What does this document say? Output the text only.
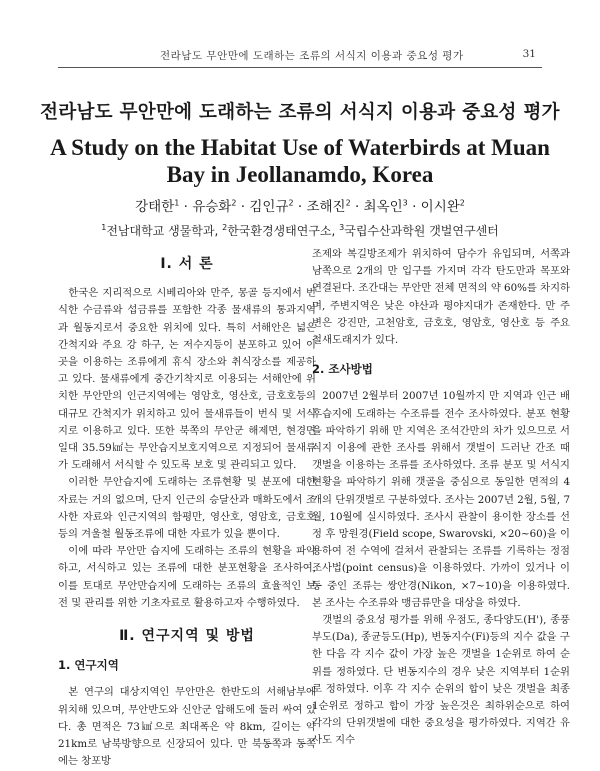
전라남도 무안만에 도래하는 조류의 서식지 이용과 중요성 평가	31
전라남도 무안만에 도래하는 조류의 서식지 이용과 중요성 평가
A Study on the Habitat Use of Waterbirds at Muan Bay in Jeollanamdo, Korea
강태한$^1$ · 유승화$^2$ · 김인규$^2$ · 조해진$^2$ · 최옥인$^3$ · 이시완$^2$
$^1$전남대학교 생물학과, $^2$한국환경생태연구소, $^3$국립수산과학원 갯벌연구센터
Ⅰ. 서 론

한국은 지리적으로 시베리아와 만주, 몽골 등지에서 번식한 수금류와 섭금류를 포함한 각종 물새류의 통과지역과 월동지로서 중요한 위치에 있다. 특히 서해안은 넓은 간척지와 주요 강 하구, 논 저수지등이 분포하고 있어 이곳을 이용하는 조류에게 휴식 장소와 취식장소를 제공하고 있다. 물새류에게 중간기착지로 이용되는 서해안에 위치한 무안만의 인근지역에는 영암호, 영산호, 금호호등의 대규모 간척지가 위치하고 있어 물새류들이 번식 및 서식지로 이용하고 있다. 또한 북쪽의 무안군 해제면, 현경면일대 35.59㎢는 무안습지보호지역으로 지정되어 물새류가 도래해서 서식할 수 있도록 보호 및 관리되고 있다.

이러한 무안습지에 도래하는 조류현황 및 분포에 대한 자료는 거의 없으며, 단지 인근의 승달산과 매화도에서 조사한 자료와 인근지역의 함평만, 영산호, 영암호, 금호호 등의 겨울철 월동조류에 대한 자료가 있을 뿐이다.

이에 따라 무안만 습지에 도래하는 조류의 현황을 파악하고, 서식하고 있는 조류에 대한 분포현황을 조사하여, 이를 토대로 무안만습지에 도래하는 조류의 효율적인 보전 및 관리를 위한 기초자료로 활용하고자 수행하였다.

Ⅱ. 연구지역 및 방법
1. 연구지역

본 연구의 대상지역인 무안만은 한반도의 서해남부에 위치해 있으며, 무안반도와 신안군 압해도에 둘러 싸여 있다. 총 면적은 73㎢으로 최대폭은 약 8km, 길이는 약 21km로 남북방향으로 신장되어 있다. 만 북동쪽과 동쪽에는 창포방

조제와 복길방조제가 위치하여 담수가 유입되며, 서쪽과 남쪽으로 2개의 만 입구를 가지며 각각 탄도만과 목포와 연결된다. 조간대는 무안만 전체 면적의 약 60%를 차지하며, 주변지역은 낮은 야산과 평야지대가 존재한다. 만 주변은 강진만, 고천암호, 금호호, 영암호, 영산호 등 주요 철새도래지가 있다.

2. 조사방법

2007년 2월부터 2007년 10월까지 만 지역과 인근 배후습지에 도래하는 수조류를 전수 조사하였다. 분포 현황을 파악하기 위해 만 지역은 조석간만의 차가 있으므로 서식지 이용에 관한 조사를 위해서 갯벌이 드러난 간조 때 갯벌을 이용하는 조류를 조사하였다. 조류 분포 및 서식지 현황을 파악하기 위해 갯골을 중심으로 동일한 면적의 4개의 단위갯벌로 구분하였다. 조사는 2007년 2월, 5월, 7월, 10월에 실시하였다. 조사시 관찰이 용이한 장소를 선정 후 망원경(Field scope, Swarovski, ×20~60)을 이용하여 전 수역에 걸쳐서 관찰되는 조류를 기록하는 정점조사법(point census)을 이용하였다. 가까이 있거나 이동 중인 조류는 쌍안경(Nikon, ×7~10)을 이용하였다. 본 조사는 수조류와 맹금류만을 대상을 하였다.

갯벌의 중요성 평가를 위해 우점도, 종다양도(H'), 종풍부도(Da), 종균등도(Hp), 변동지수(Fi)등의 지수 값을 구한 다음 각 지수 값이 가장 높은 갯벌을 1순위로 하여 순위를 정하였다. 단 변동지수의 경우 낮은 지역부터 1순위로 정하였다. 이후 각 지수 순위의 합이 낮은 갯벌을 최종 1순위로 정하고 합이 가장 높은것은 최하위순으로 하여 각각의 단위갯벌에 대한 중요성을 평가하였다. 지역간 유사도 지수
